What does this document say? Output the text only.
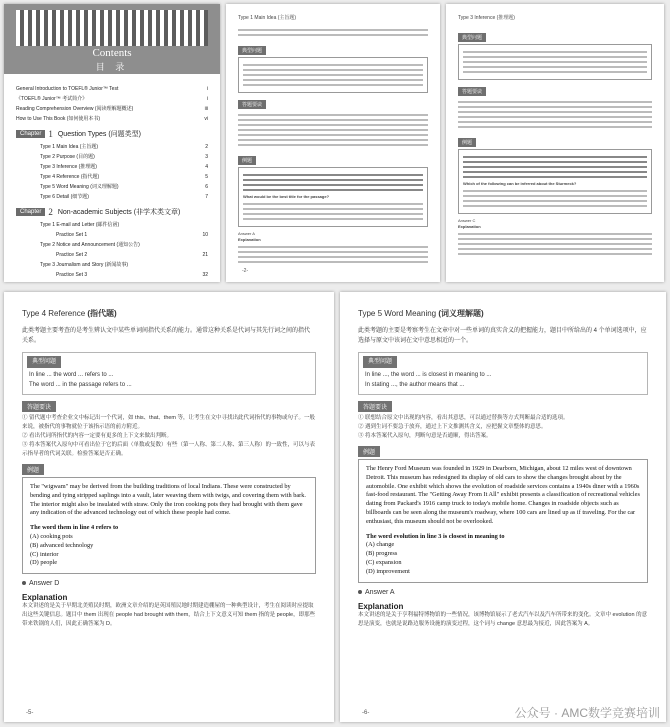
Contents
目 录
General Introduction to TOEFL® Junior™ Test	i
《TOEFL® Junior™ 考试简介》	i
Reading Comprehension Overview (阅读理解题概述)	iii
How to Use This Book (如何使用本书)	vi
Chapter 1 Question Types (问题类型)
Type 1 Main Idea (主旨题)	2
Type 2 Purpose (目的题)	3
Type 3 Inference (推理题)	4
Type 4 Reference (指代题)	5
Type 5 Word Meaning (词义理解题)	6
Type 6 Detail (细节题)	7
Chapter 2 Non-academic Subjects (非学术类文章)
Type 1 E-mail and Letter (邮件信函)
Practice Set 1	10
Type 2 Notice and Announcement (通知公告)
Practice Set 2	21
Type 3 Journalism and Story (新闻故事)
Practice Set 3	32
Type 1 Main Idea (主旨题)
典型问题
答题要诀
例题
What would be the best title for the passage?
Answer A
Explanation
-2-
Type 3 Inference (推理题)
典型问题
答题要诀
例题
Which of the following can be inferred about the Sturmeck?
Answer C
Explanation
Type 4 Reference (指代题)
此类考题主要考查的是考生辨认文中某些单词间指代关系的能力。通常这种关系是代词与其先行词之间的指代关系。
典型问题
In line ... the word ... refers to ...
The word ... in the passage refers to ...
答题要诀
① 留代题中考查企业文中标记出一个代词，如 this、that、them 等，让考生在文中寻找出此代词指代的事物或句子。一般来说，被指代的事物就位于该指示语的前方附近。
② 看出代词所指代的内容一定要有更多的上下文来做出判断。
③ 将本答案代入原句中可看出位于它的后面（单数或复数）有些（第一人称、第二人称、第三人称）的一致性，可以与表示指导者的代词关联。检验答案是否正确。
例题
The "wigwam" may be derived from the building traditions of local Indians. These were constructed by bending and tying stripped saplings into a vault, later weaving them with twigs, and covering them with bark. The interior might also be insulated with straw. Only the iron cooking pots they had brought with them gave any indication of the advanced technology out of which these people had come.
The word them in line 4 refers to
(A) cooking pots
(B) advanced technology
(C) interior
(D) people
Answer D
Explanation
本文讲述的是关于早期北美殖民时期，欧洲文章介绍的是英国殖民地时期建造棚屋的一种典型设计，考生在阅读时应提取出这些关键信息。题目中 them 出现在 people had brought with them，结合上下文意义可知 them 指的是 people，即那些带来铁锅的人们，因此正确答案为 D。
-5-
Type 5 Word Meaning (词义理解题)
此类考题的主要是考察考生在文章中对一些单词的真实含义的把握能力，题目中所给出的 4 个单词选项中，应选择与原文中该词在文中意思相近的一个。
典型问题
In line ..., the word ... is closest in meaning to ...
In stating ..., the author means that ...
答题要诀
① 联想结合原文中出现的内容，看出其意思，可以通过替换等方式判断最合适的选项。
② 遇到生词不要急于放弃，通过上下文推测其含义，应把握文章整体的意思。
③ 将本答案代入原句，判断句意是否通顺，得出答案。
例题
The Henry Ford Museum was founded in 1929 in Dearborn, Michigan, about 12 miles west of downtown Detroit. This museum has redesigned its display of old cars to show the changes brought about by the automobile. One exhibit which shows the evolution of roadside services contains a 1940s diner with a 1960s fast-food restaurant. The "Getting Away From It All" exhibit presents a classification of recreational vehicles dating from Packard's 1916 camp truck to today's mobile home. Changes in roadside objects such as billboards can be seen along the museum's roadway, where 100 cars are lined up as if traveling. For the car enthusiast, this museum should not be overlooked.
The word evolution in line 3 is closest in meaning to
(A) change
(B) progress
(C) expansion
(D) improvement
Answer A
Explanation
本文讲述的是关于亨利福特博物馆的一些情况，该博物馆展示了老式汽车以及汽车所带来的变化。文章中 evolution 的意思是演变，也就是说路边服务设施的演变过程，这个词与 change 意思最为接近，因此答案为 A。
-6-	公众号 · AMC数学竞赛培训
